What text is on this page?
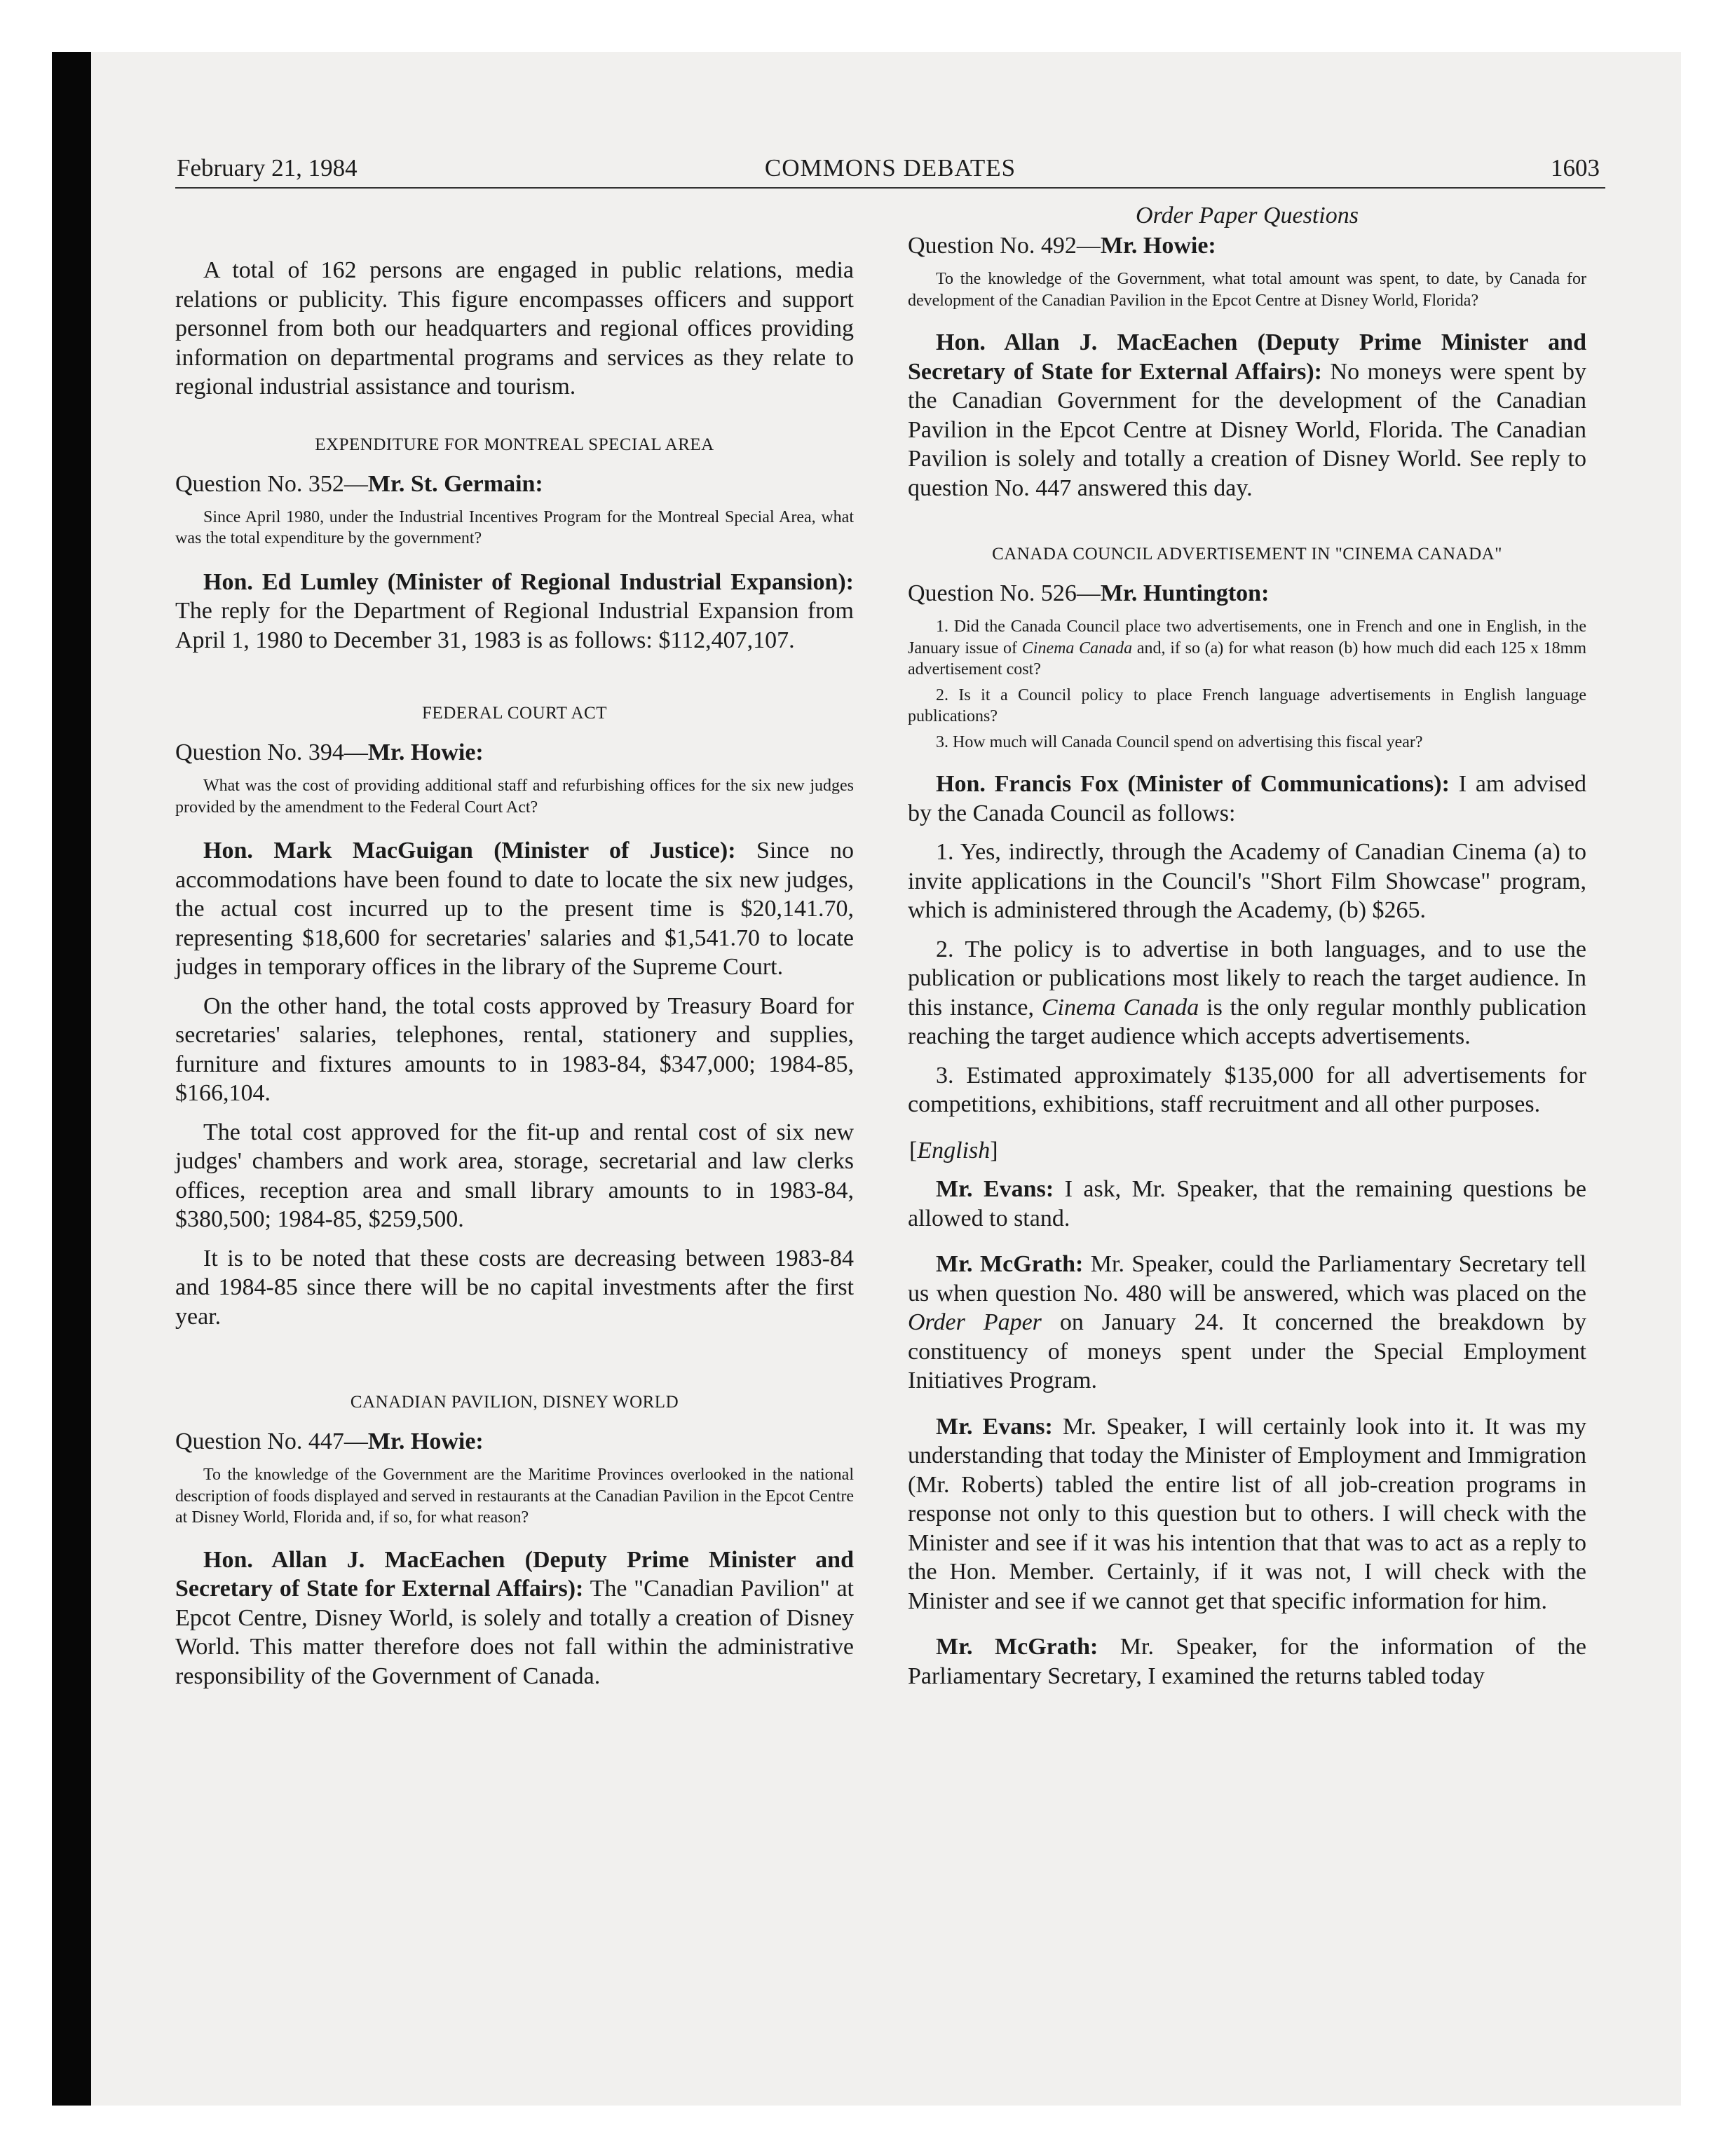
February 21, 1984	COMMONS DEBATES	1603

A total of 162 persons are engaged in public relations, media relations or publicity. This figure encompasses officers and support personnel from both our headquarters and regional offices providing information on departmental programs and services as they relate to regional industrial assistance and tourism.

EXPENDITURE FOR MONTREAL SPECIAL AREA

Question No. 352—Mr. St. Germain:

Since April 1980, under the Industrial Incentives Program for the Montreal Special Area, what was the total expenditure by the government?

Hon. Ed Lumley (Minister of Regional Industrial Expansion): The reply for the Department of Regional Industrial Expansion from April 1, 1980 to December 31, 1983 is as follows: $112,407,107.

FEDERAL COURT ACT

Question No. 394—Mr. Howie:

What was the cost of providing additional staff and refurbishing offices for the six new judges provided by the amendment to the Federal Court Act?

Hon. Mark MacGuigan (Minister of Justice): Since no accommodations have been found to date to locate the six new judges, the actual cost incurred up to the present time is $20,141.70, representing $18,600 for secretaries' salaries and $1,541.70 to locate judges in temporary offices in the library of the Supreme Court.

On the other hand, the total costs approved by Treasury Board for secretaries' salaries, telephones, rental, stationery and supplies, furniture and fixtures amounts to in 1983-84, $347,000; 1984-85, $166,104.

The total cost approved for the fit-up and rental cost of six new judges' chambers and work area, storage, secretarial and law clerks offices, reception area and small library amounts to in 1983-84, $380,500; 1984-85, $259,500.

It is to be noted that these costs are decreasing between 1983-84 and 1984-85 since there will be no capital investments after the first year.

CANADIAN PAVILION, DISNEY WORLD

Question No. 447—Mr. Howie:

To the knowledge of the Government are the Maritime Provinces overlooked in the national description of foods displayed and served in restaurants at the Canadian Pavilion in the Epcot Centre at Disney World, Florida and, if so, for what reason?

Hon. Allan J. MacEachen (Deputy Prime Minister and Secretary of State for External Affairs): The "Canadian Pavilion" at Epcot Centre, Disney World, is solely and totally a creation of Disney World. This matter therefore does not fall within the administrative responsibility of the Government of Canada.

Order Paper Questions

Question No. 492—Mr. Howie:

To the knowledge of the Government, what total amount was spent, to date, by Canada for development of the Canadian Pavilion in the Epcot Centre at Disney World, Florida?

Hon. Allan J. MacEachen (Deputy Prime Minister and Secretary of State for External Affairs): No moneys were spent by the Canadian Government for the development of the Canadian Pavilion in the Epcot Centre at Disney World, Florida. The Canadian Pavilion is solely and totally a creation of Disney World. See reply to question No. 447 answered this day.

CANADA COUNCIL ADVERTISEMENT IN "CINEMA CANADA"

Question No. 526—Mr. Huntington:

1. Did the Canada Council place two advertisements, one in French and one in English, in the January issue of Cinema Canada and, if so (a) for what reason (b) how much did each 125 x 18mm advertisement cost?

2. Is it a Council policy to place French language advertisements in English language publications?

3. How much will Canada Council spend on advertising this fiscal year?

Hon. Francis Fox (Minister of Communications): I am advised by the Canada Council as follows:

1. Yes, indirectly, through the Academy of Canadian Cinema (a) to invite applications in the Council's "Short Film Showcase" program, which is administered through the Academy, (b) $265.

2. The policy is to advertise in both languages, and to use the publication or publications most likely to reach the target audience. In this instance, Cinema Canada is the only regular monthly publication reaching the target audience which accepts advertisements.

3. Estimated approximately $135,000 for all advertisements for competitions, exhibitions, staff recruitment and all other purposes.

[English]

Mr. Evans: I ask, Mr. Speaker, that the remaining questions be allowed to stand.

Mr. McGrath: Mr. Speaker, could the Parliamentary Secretary tell us when question No. 480 will be answered, which was placed on the Order Paper on January 24. It concerned the breakdown by constituency of moneys spent under the Special Employment Initiatives Program.

Mr. Evans: Mr. Speaker, I will certainly look into it. It was my understanding that today the Minister of Employment and Immigration (Mr. Roberts) tabled the entire list of all job-creation programs in response not only to this question but to others. I will check with the Minister and see if it was his intention that that was to act as a reply to the Hon. Member. Certainly, if it was not, I will check with the Minister and see if we cannot get that specific information for him.

Mr. McGrath: Mr. Speaker, for the information of the Parliamentary Secretary, I examined the returns tabled today
